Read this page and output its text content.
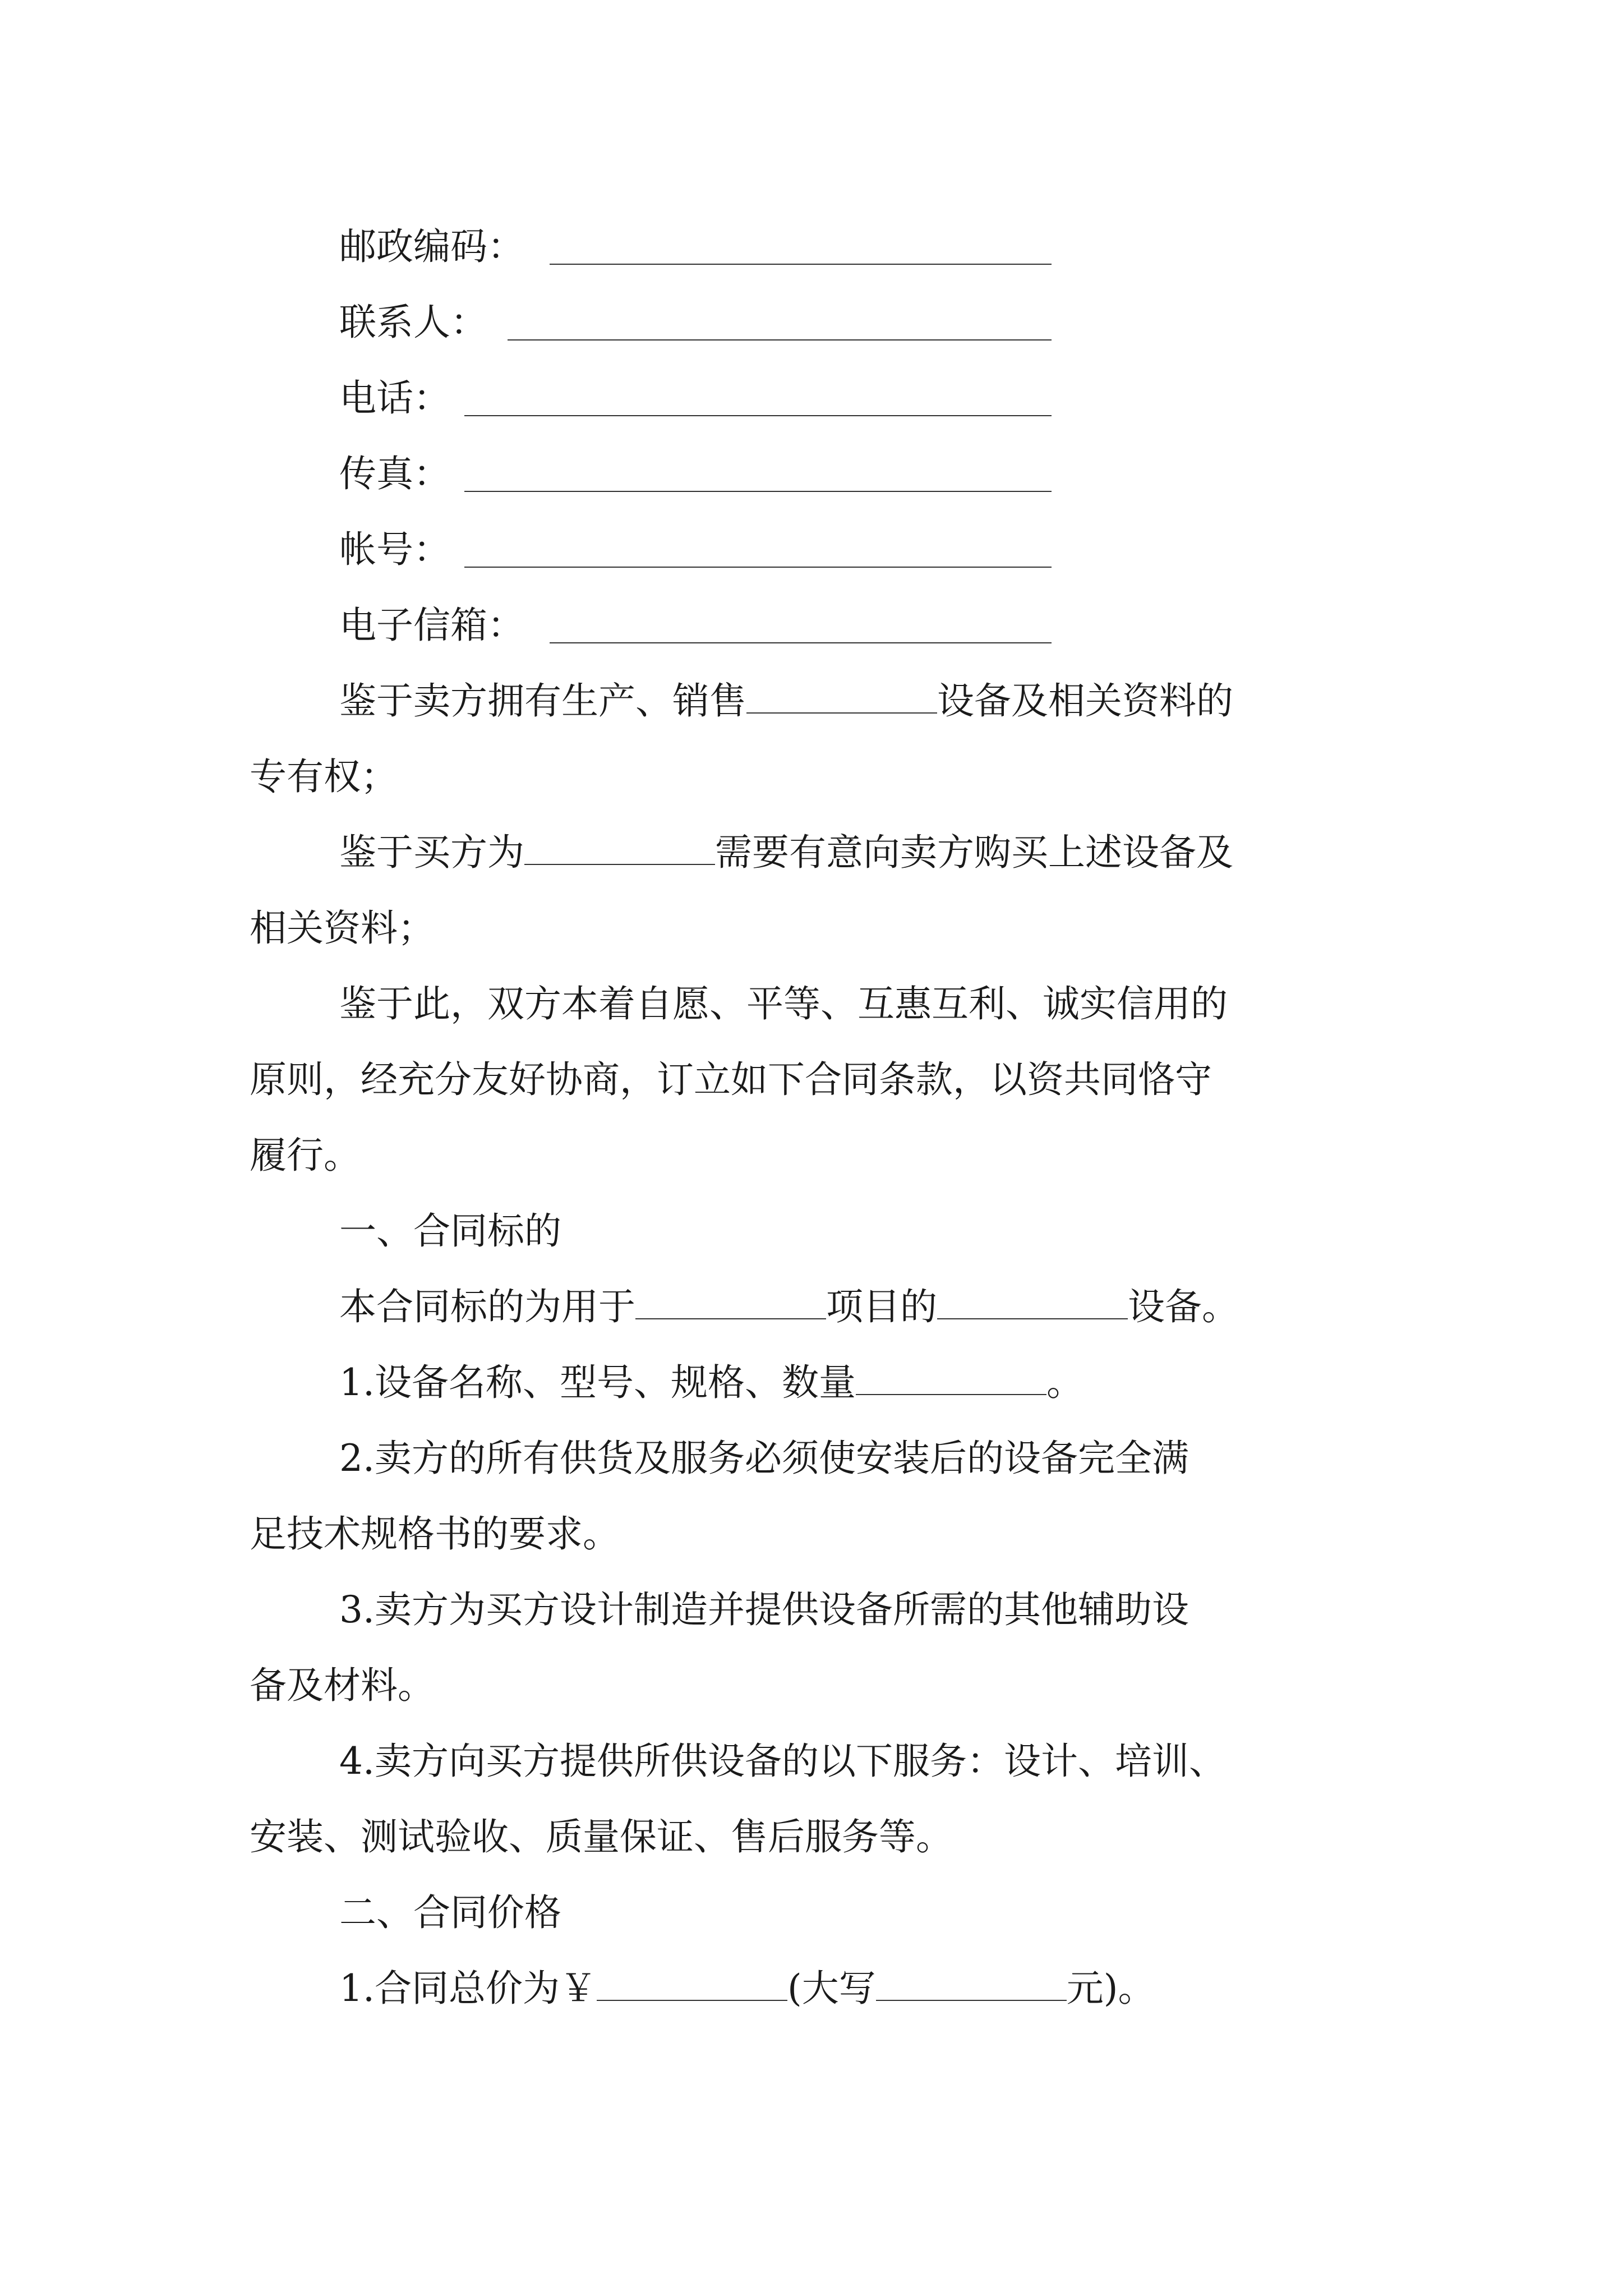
邮政编码：
联系人：
电话：
传真：
帐号：
电子信箱：
鉴于卖方拥有生产、销售	设备及相关资料的
专有权；
鉴于买方为	需要有意向卖方购买上述设备及
相关资料；
鉴于此，双方本着自愿、平等、互惠互利、诚实信用的
原则，经充分友好协商，订立如下合同条款，以资共同恪守
履行。
一、合同标的
本合同标的为用于	项目的	设备。
1.设备名称、型号、规格、数量	。
2.卖方的所有供货及服务必须使安装后的设备完全满
足技术规格书的要求。
3.卖方为买方设计制造并提供设备所需的其他辅助设
备及材料。
4.卖方向买方提供所供设备的以下服务：设计、培训、
安装、测试验收、质量保证、售后服务等。
二、合同价格
1.合同总价为￥	(大写	元)。
